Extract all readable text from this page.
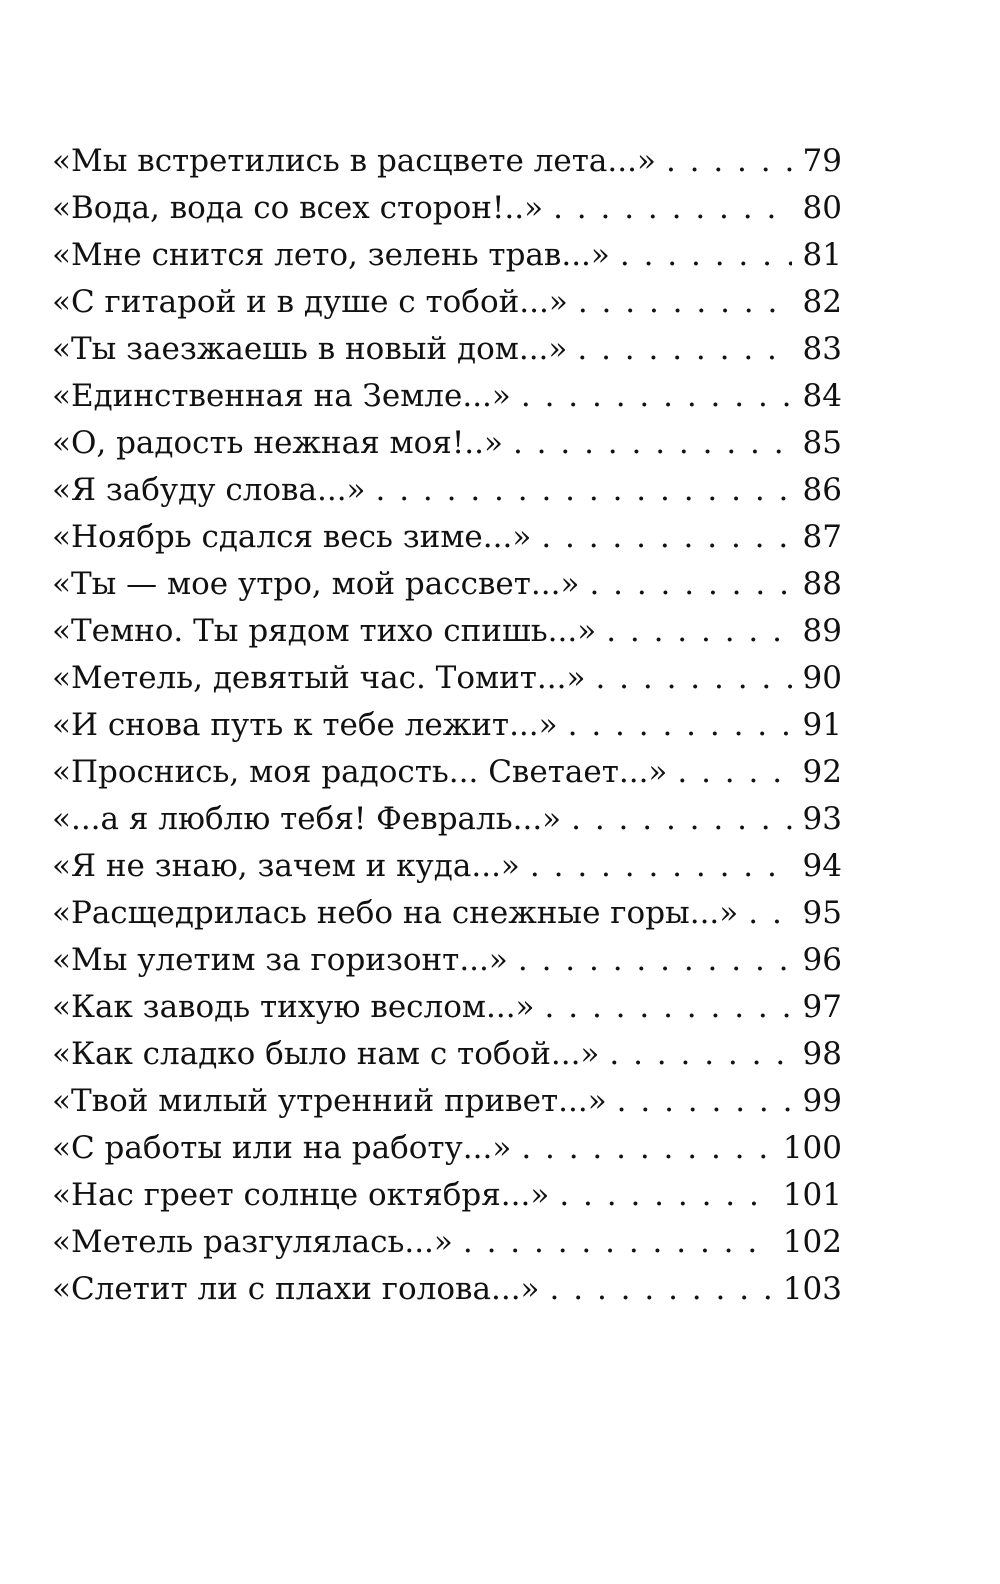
«Мы встретились в расцвете лета...» . . .	79
«Вода, вода со всех сторон!..» . . .	80
«Мне снится лето, зелень трав...» . . .	81
«С гитарой и в душе с тобой...» . . .	82
«Ты заезжаешь в новый дом...» . . .	83
«Единственная на Земле...» . . .	84
«О, радость нежная моя!..» . . .	85
«Я забуду слова...» . . .	86
«Ноябрь сдался весь зиме...» . . .	87
«Ты — мое утро, мой рассвет...» . . .	88
«Темно. Ты рядом тихо спишь...» . . .	89
«Метель, девятый час. Томит...» . . .	90
«И снова путь к тебе лежит...» . . .	91
«Проснись, моя радость... Светает...» . . .	92
«...а я люблю тебя! Февраль...» . . .	93
«Я не знаю, зачем и куда...» . . .	94
«Расщедрилась небо на снежные горы...» . . . 95
«Мы улетим за горизонт...» . . .	96
«Как заводь тихую веслом...» . . .	97
«Как сладко было нам с тобой...» . . .	98
«Твой милый утренний привет...» . . .	99
«С работы или на работу...» . . .	100
«Нас греет солнце октября...» . . .	101
«Метель разгулялась...» . . .	102
«Слетит ли с плахи голова...» . . .	103
